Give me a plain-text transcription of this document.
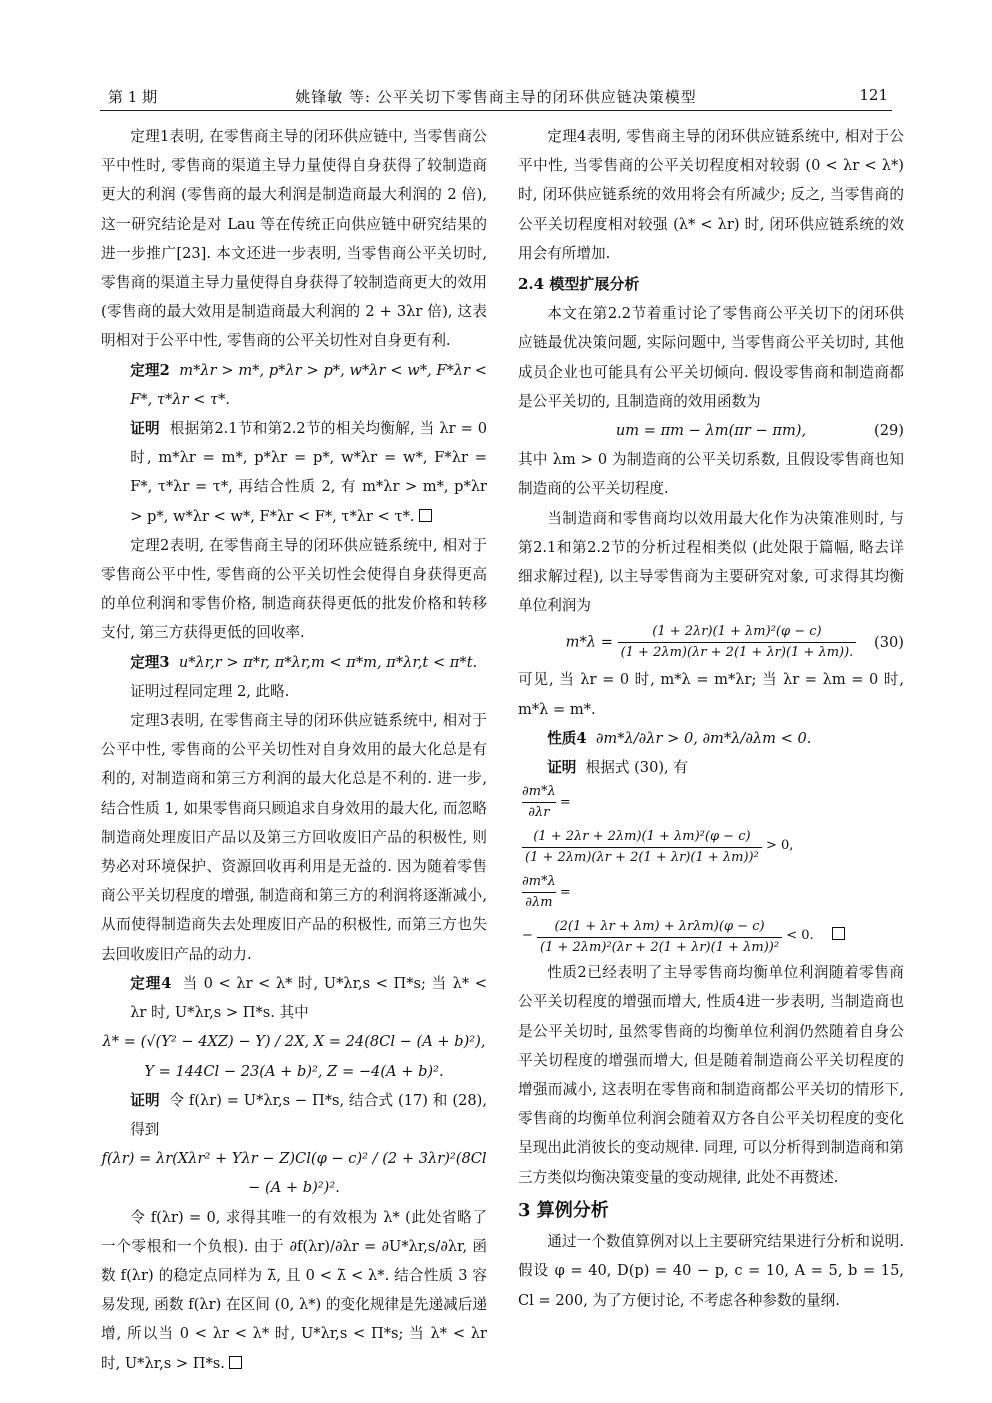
第 1 期	姚锋敏 等: 公平关切下零售商主导的闭环供应链决策模型	121

定理1表明, 在零售商主导的闭环供应链中, 当零售商公平中性时, 零售商的渠道主导力量使得自身获得了较制造商更大的利润 (零售商的最大利润是制造商最大利润的 2 倍), 这一研究结论是对 Lau 等在传统正向供应链中研究结果的进一步推广[23]. 本文还进一步表明, 当零售商公平关切时, 零售商的渠道主导力量使得自身获得了较制造商更大的效用 (零售商的最大效用是制造商最大利润的 2 + 3λr 倍), 这表明相对于公平中性, 零售商的公平关切性对自身更有利.

定理2 m*λr > m*, p*λr > p*, w*λr < w*, F*λr < F*, τ*λr < τ*.

证明 根据第2.1节和第2.2节的相关均衡解, 当 λr = 0 时, m*λr = m*, p*λr = p*, w*λr = w*, F*λr = F*, τ*λr = τ*, 再结合性质 2, 有 m*λr > m*, p*λr > p*, w*λr < w*, F*λr < F*, τ*λr < τ*.

定理2表明, 在零售商主导的闭环供应链系统中, 相对于零售商公平中性, 零售商的公平关切性会使得自身获得更高的单位利润和零售价格, 制造商获得更低的批发价格和转移支付, 第三方获得更低的回收率.

定理3 u*λr,r > π*r, π*λr,m < π*m, π*λr,t < π*t.

证明过程同定理 2, 此略.

定理3表明, 在零售商主导的闭环供应链系统中, 相对于公平中性, 零售商的公平关切性对自身效用的最大化总是有利的, 对制造商和第三方利润的最大化总是不利的. 进一步, 结合性质 1, 如果零售商只顾追求自身效用的最大化, 而忽略制造商处理废旧产品以及第三方回收废旧产品的积极性, 则势必对环境保护、资源回收再利用是无益的. 因为随着零售商公平关切程度的增强, 制造商和第三方的利润将逐渐减小, 从而使得制造商失去处理废旧产品的积极性, 而第三方也失去回收废旧产品的动力.

定理4 当 0 < λr < λ* 时, U*λr,s < Π*s; 当 λ* < λr 时, U*λr,s > Π*s. 其中

λ* = (√(Y² − 4XZ) − Y) / 2X, X = 24(8Cl − (A + b)²),

Y = 144Cl − 23(A + b)², Z = −4(A + b)².

证明 令 f(λr) = U*λr,s − Π*s, 结合式 (17) 和 (28), 得到

f(λr) = λr(Xλr² + Yλr − Z)Cl(φ − c)² / (2 + 3λr)²(8Cl − (A + b)²)².

令 f(λr) = 0, 求得其唯一的有效根为 λ* (此处省略了一个零根和一个负根). 由于 ∂f(λr)/∂λr = ∂U*λr,s/∂λr, 函数 f(λr) 的稳定点同样为 λ̄, 且 0 < λ̄ < λ*. 结合性质 3 容易发现, 函数 f(λr) 在区间 (0, λ*) 的变化规律是先递减后递增, 所以当 0 < λr < λ* 时, U*λr,s < Π*s; 当 λ* < λr 时, U*λr,s > Π*s.

定理4表明, 零售商主导的闭环供应链系统中, 相对于公平中性, 当零售商的公平关切程度相对较弱 (0 < λr < λ*) 时, 闭环供应链系统的效用将会有所减少; 反之, 当零售商的公平关切程度相对较强 (λ* < λr) 时, 闭环供应链系统的效用会有所增加.

2.4 模型扩展分析

本文在第2.2节着重讨论了零售商公平关切下的闭环供应链最优决策问题, 实际问题中, 当零售商公平关切时, 其他成员企业也可能具有公平关切倾向. 假设零售商和制造商都是公平关切的, 且制造商的效用函数为

um = πm − λm(πr − πm),	(29)

其中 λm > 0 为制造商的公平关切系数, 且假设零售商也知制造商的公平关切程度.

当制造商和零售商均以效用最大化作为决策准则时, 与第2.1和第2.2节的分析过程相类似 (此处限于篇幅, 略去详细求解过程), 以主导零售商为主要研究对象, 可求得其均衡单位利润为

$m*\lambda = \frac{\text{(1 + 2λr)(1 + λm)²(φ − c)}}{(1 + 2\lambda m)(\lambda r + 2(1 + \lambda r)(1 + \lambda m)).} (30)$

可见, 当 λr = 0 时, m*λ = m*λr; 当 λr = λm = 0 时, m*λ = m*.

性质4 ∂m*λ/∂λr > 0, ∂m*λ/∂λm < 0.

证明 根据式 (30), 有

$\frac{\partial m*\lambda}{\partial\lambda r}$ =

$\frac{\text{(1 + 2λr + 2λm)(1 + λm)²(φ − c)}}{\text{(1 + 2λm)(λr + 2(1 + λr)(1 + λm))²}} > 0$,
$\frac{\partial m*\lambda}{\partial\lambda m}$ =
− $\frac{\text{(2(1 + λr + λm) + λrλm)(φ − c)}}{\text{(1 + 2λm)²(λr + 2(1 + λr)(1 + λm))²}} < 0$.

性质2已经表明了主导零售商均衡单位利润随着零售商公平关切程度的增强而增大, 性质4进一步表明, 当制造商也是公平关切时, 虽然零售商的均衡单位利润仍然随着自身公平关切程度的增强而增大, 但是随着制造商公平关切程度的增强而减小, 这表明在零售商和制造商都公平关切的情形下, 零售商的均衡单位利润会随着双方各自公平关切程度的变化呈现出此消彼长的变动规律. 同理, 可以分析得到制造商和第三方类似均衡决策变量的变动规律, 此处不再赘述.

3 算例分析

通过一个数值算例对以上主要研究结果进行分析和说明. 假设 φ = 40, D(p) = 40 − p, c = 10, A = 5, b = 15, Cl = 200, 为了方便讨论, 不考虑各种参数的量纲.
